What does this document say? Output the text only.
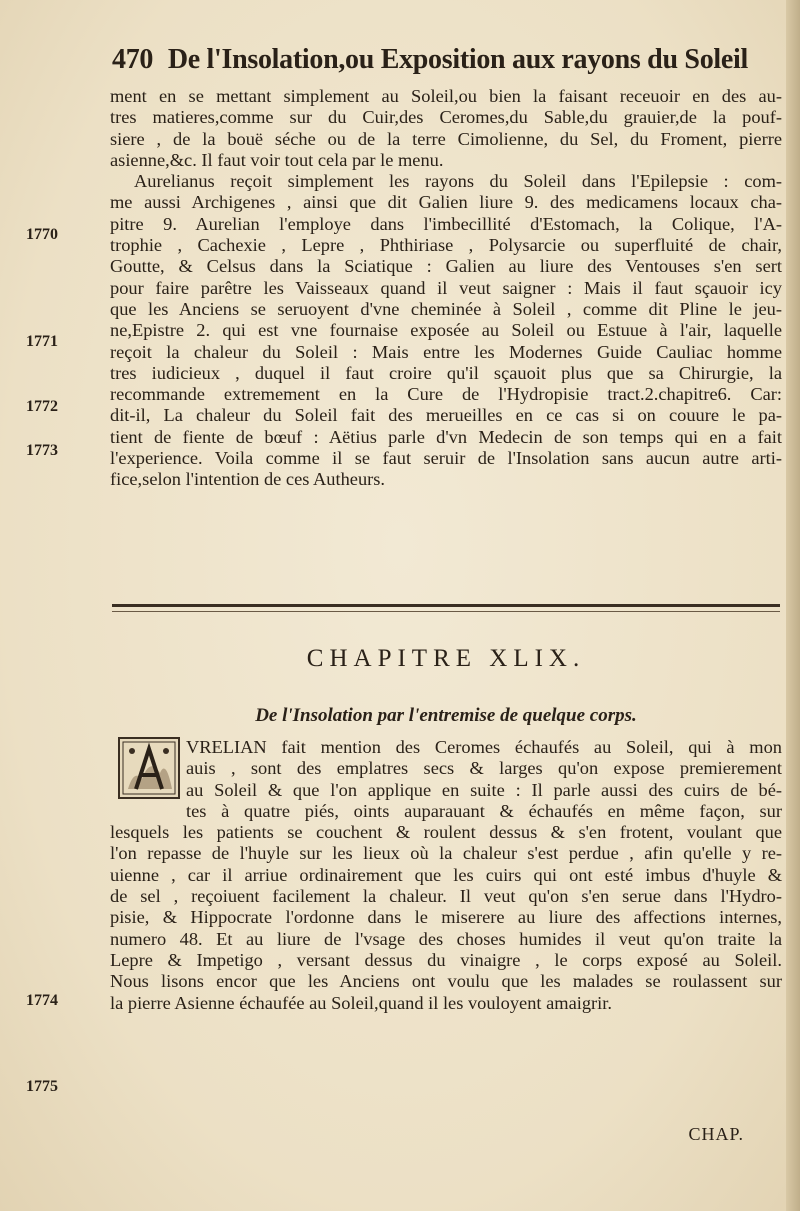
470 De l'Insolation,ou Exposition aux rayons du Soleil
ment en se mettant simplement au Soleil,ou bien la faisant receuoir en des au-
tres matieres,comme sur du Cuir,des Ceromes,du Sable,du grauier,de la pouf-
siere , de la bouë séche ou de la terre Cimolienne, du Sel, du Froment, pierre
asienne,&c. Il faut voir tout cela par le menu.
Aurelianus reçoit simplement les rayons du Soleil dans l'Epilepsie : com-
me aussi Archigenes , ainsi que dit Galien liure 9. des medicamens locaux cha-
pitre 9. Aurelian l'employe dans l'imbecillité d'Estomach, la Colique, l'A-
trophie , Cachexie , Lepre , Phthiriase , Polysarcie ou superfluité de chair,
Goutte, & Celsus dans la Sciatique : Galien au liure des Ventouses s'en sert
pour faire parêtre les Vaisseaux quand il veut saigner : Mais il faut sçauoir icy
que les Anciens se seruoyent d'vne cheminée à Soleil , comme dit Pline le jeu-
ne,Epistre 2. qui est vne fournaise exposée au Soleil ou Estuue à l'air, laquelle
reçoit la chaleur du Soleil : Mais entre les Modernes Guide Cauliac homme
tres iudicieux , duquel il faut croire qu'il sçauoit plus que sa Chirurgie, la
recommande extremement en la Cure de l'Hydropisie tract.2.chapitre6. Car:
dit-il, La chaleur du Soleil fait des merueilles en ce cas si on couure le pa-
tient de fiente de bœuf : Aëtius parle d'vn Medecin de son temps qui en a fait
l'experience. Voila comme il se faut seruir de l'Insolation sans aucun autre arti-
fice,selon l'intention de ces Autheurs.
1770
1771
1772
1773
1774
1775
CHAPITRE XLIX.
De l'Insolation par l'entremise de quelque corps.
VRELIAN fait mention des Ceromes échaufés au Soleil, qui à mon
auis , sont des emplatres secs & larges qu'on expose premierement
au Soleil & que l'on applique en suite : Il parle aussi des cuirs de bé-
tes à quatre piés, oints auparauant & échaufés en même façon, sur
lesquels les patients se couchent & roulent dessus & s'en frotent, voulant que
l'on repasse de l'huyle sur les lieux où la chaleur s'est perdue , afin qu'elle y re-
uienne , car il arriue ordinairement que les cuirs qui ont esté imbus d'huyle &
de sel , reçoiuent facilement la chaleur. Il veut qu'on s'en serue dans l'Hydro-
pisie, & Hippocrate l'ordonne dans le miserere au liure des affections internes,
numero 48. Et au liure de l'vsage des choses humides il veut qu'on traite la
Lepre & Impetigo , versant dessus du vinaigre , le corps exposé au Soleil.
Nous lisons encor que les Anciens ont voulu que les malades se roulassent sur
la pierre Asienne échaufée au Soleil,quand il les vouloyent amaigrir.
CHAP.
